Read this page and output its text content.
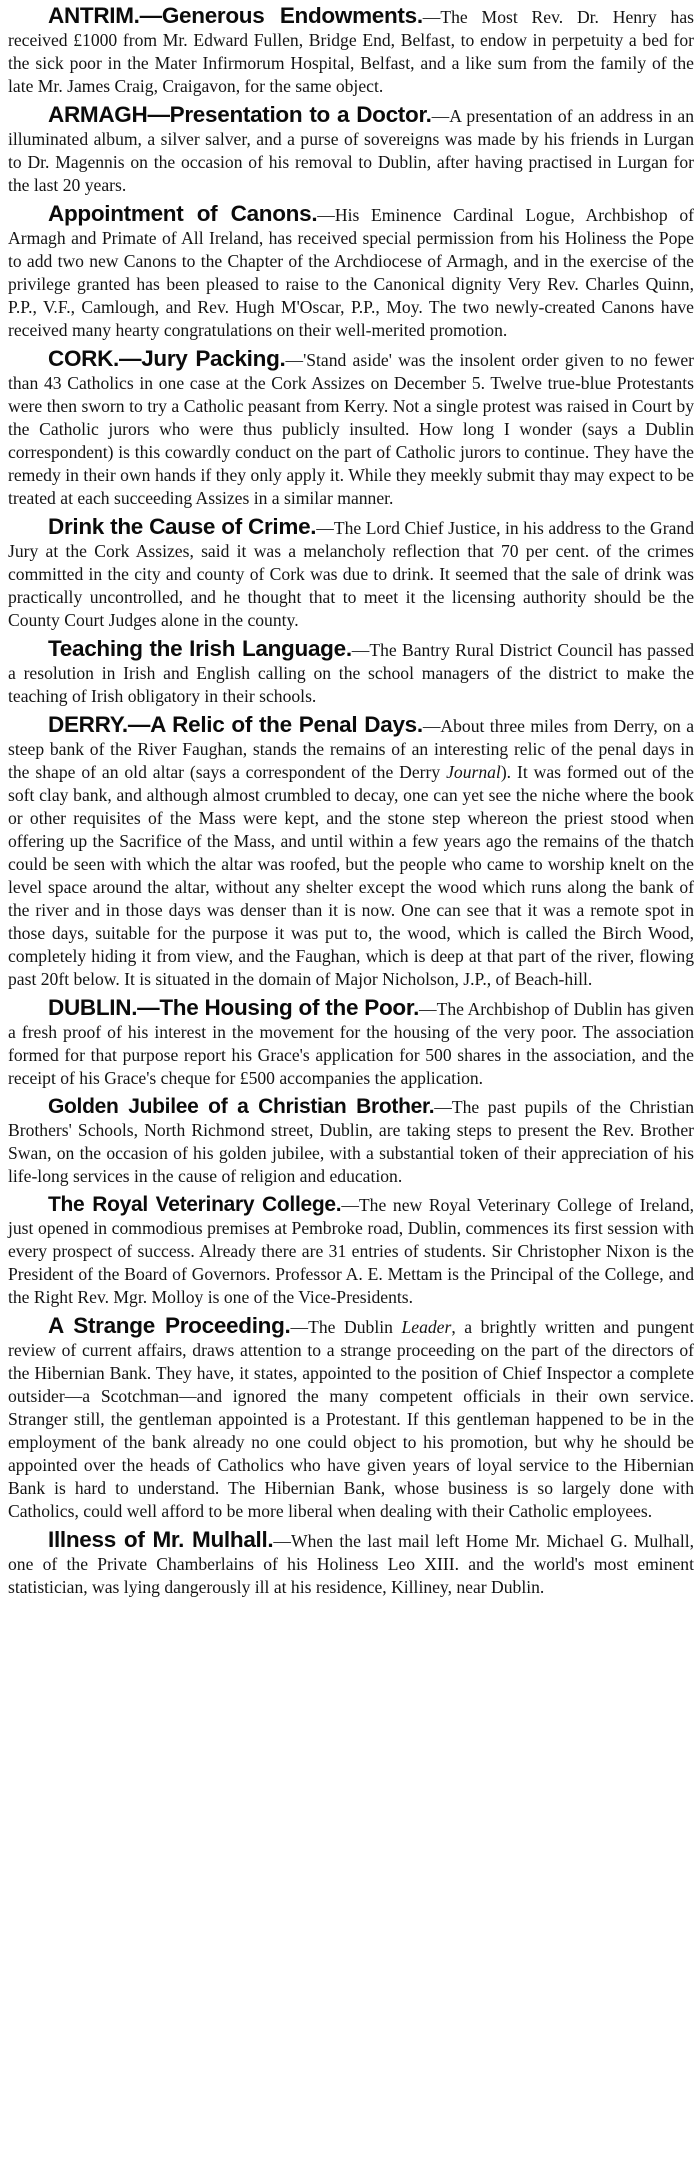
ANTRIM.—Generous Endowments.—The Most Rev. Dr. Henry has received £1000 from Mr. Edward Fullen, Bridge End, Belfast, to endow in perpetuity a bed for the sick poor in the Mater Infirmorum Hospital, Belfast, and a like sum from the family of the late Mr. James Craig, Craigavon, for the same object.

ARMAGH—Presentation to a Doctor.—A presentation of an address in an illuminated album, a silver salver, and a purse of sovereigns was made by his friends in Lurgan to Dr. Magennis on the occasion of his removal to Dublin, after having practised in Lurgan for the last 20 years.

Appointment of Canons.—His Eminence Cardinal Logue, Archbishop of Armagh and Primate of All Ireland, has received special permission from his Holiness the Pope to add two new Canons to the Chapter of the Archdiocese of Armagh, and in the exercise of the privilege granted has been pleased to raise to the Canonical dignity Very Rev. Charles Quinn, P.P., V.F., Camlough, and Rev. Hugh M'Oscar, P.P., Moy. The two newly-created Canons have received many hearty congratulations on their well-merited promotion.

CORK.—Jury Packing.—'Stand aside' was the insolent order given to no fewer than 43 Catholics in one case at the Cork Assizes on December 5. Twelve true-blue Protestants were then sworn to try a Catholic peasant from Kerry. Not a single protest was raised in Court by the Catholic jurors who were thus publicly insulted. How long I wonder (says a Dublin correspondent) is this cowardly conduct on the part of Catholic jurors to continue. They have the remedy in their own hands if they only apply it. While they meekly submit thay may expect to be treated at each succeeding Assizes in a similar manner.

Drink the Cause of Crime.—The Lord Chief Justice, in his address to the Grand Jury at the Cork Assizes, said it was a melancholy reflection that 70 per cent. of the crimes committed in the city and county of Cork was due to drink. It seemed that the sale of drink was practically uncontrolled, and he thought that to meet it the licensing authority should be the County Court Judges alone in the county.

Teaching the Irish Language.—The Bantry Rural District Council has passed a resolution in Irish and English calling on the school managers of the district to make the teaching of Irish obligatory in their schools.

DERRY.—A Relic of the Penal Days.—About three miles from Derry, on a steep bank of the River Faughan, stands the remains of an interesting relic of the penal days in the shape of an old altar (says a correspondent of the Derry Journal). It was formed out of the soft clay bank, and although almost crumbled to decay, one can yet see the niche where the book or other requisites of the Mass were kept, and the stone step whereon the priest stood when offering up the Sacrifice of the Mass, and until within a few years ago the remains of the thatch could be seen with which the altar was roofed, but the people who came to worship knelt on the level space around the altar, without any shelter except the wood which runs along the bank of the river and in those days was denser than it is now. One can see that it was a remote spot in those days, suitable for the purpose it was put to, the wood, which is called the Birch Wood, completely hiding it from view, and the Faughan, which is deep at that part of the river, flowing past 20ft below. It is situated in the domain of Major Nicholson, J.P., of Beach-hill.

DUBLIN.—The Housing of the Poor.—The Archbishop of Dublin has given a fresh proof of his interest in the movement for the housing of the very poor. The association formed for that purpose report his Grace's application for 500 shares in the association, and the receipt of his Grace's cheque for £500 accompanies the application.

Golden Jubilee of a Christian Brother.—The past pupils of the Christian Brothers' Schools, North Richmond street, Dublin, are taking steps to present the Rev. Brother Swan, on the occasion of his golden jubilee, with a substantial token of their appreciation of his life-long services in the cause of religion and education.

The Royal Veterinary College.—The new Royal Veterinary College of Ireland, just opened in commodious premises at Pembroke road, Dublin, commences its first session with every prospect of success. Already there are 31 entries of students. Sir Christopher Nixon is the President of the Board of Governors. Professor A. E. Mettam is the Principal of the College, and the Right Rev. Mgr. Molloy is one of the Vice-Presidents.

A Strange Proceeding.—The Dublin Leader, a brightly written and pungent review of current affairs, draws attention to a strange proceeding on the part of the directors of the Hibernian Bank. They have, it states, appointed to the position of Chief Inspector a complete outsider—a Scotchman—and ignored the many competent officials in their own service. Stranger still, the gentleman appointed is a Protestant. If this gentleman happened to be in the employment of the bank already no one could object to his promotion, but why he should be appointed over the heads of Catholics who have given years of loyal service to the Hibernian Bank is hard to understand. The Hibernian Bank, whose business is so largely done with Catholics, could well afford to be more liberal when dealing with their Catholic employees.

Illness of Mr. Mulhall.—When the last mail left Home Mr. Michael G. Mulhall, one of the Private Chamberlains of his Holiness Leo XIII. and the world's most eminent statistician, was lying dangerously ill at his residence, Killiney, near Dublin.
